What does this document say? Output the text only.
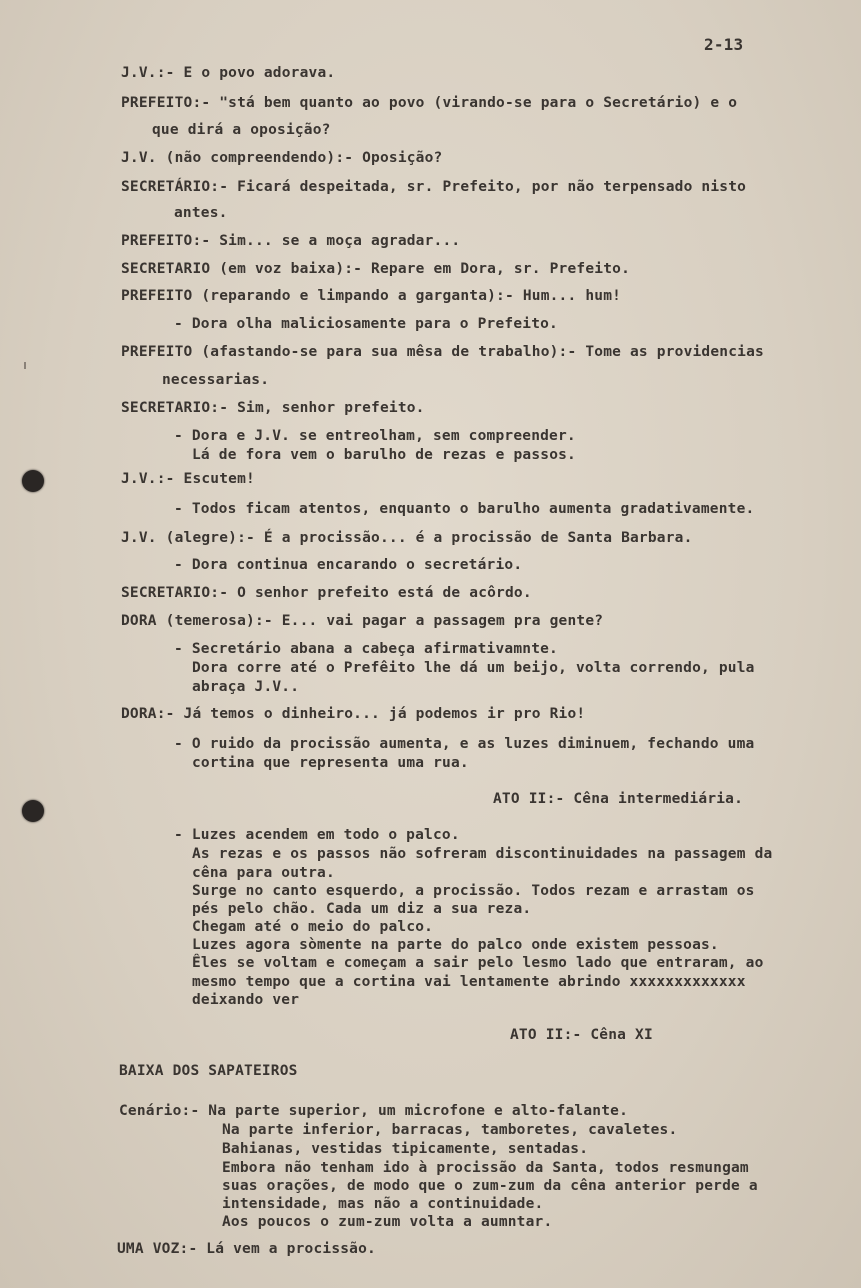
2-13
J.V.:- E o povo adorava.
PREFEITO:- "stá bem quanto ao povo (virando-se para o Secretário) e o
que dirá a oposição?
J.V. (não compreendendo):- Oposição?
SECRETÁRIO:- Ficará despeitada, sr. Prefeito, por não terpensado nisto
antes.
PREFEITO:- Sim... se a moça agradar...
SECRETARIO (em voz baixa):- Repare em Dora, sr. Prefeito.
PREFEITO (reparando e limpando a garganta):- Hum... hum!
- Dora olha maliciosamente para o Prefeito.
PREFEITO (afastando-se para sua mêsa de trabalho):- Tome as providencias
necessarias.
SECRETARIO:- Sim, senhor prefeito.
- Dora e J.V. se entreolham, sem compreender.
Lá de fora vem o barulho de rezas e passos.
J.V.:- Escutem!
- Todos ficam atentos, enquanto o barulho aumenta gradativamente.
J.V. (alegre):- É a procissão... é a procissão de Santa Barbara.
- Dora continua encarando o secretário.
SECRETARIO:- O senhor prefeito está de acôrdo.
DORA (temerosa):- E... vai pagar a passagem pra gente?
- Secretário abana a cabeça afirmativamnte.
Dora corre até o Prefêito lhe dá um beijo, volta correndo, pula
abraça J.V..
DORA:- Já temos o dinheiro... já podemos ir pro Rio!
- O ruido da procissão aumenta, e as luzes diminuem, fechando uma
cortina que representa uma rua.
ATO II:- Cêna intermediária.
- Luzes acendem em todo o palco.
As rezas e os passos não sofreram discontinuidades na passagem da
cêna para outra.
Surge no canto esquerdo, a procissão. Todos rezam e arrastam os
pés pelo chão. Cada um diz a sua reza.
Chegam até o meio do palco.
Luzes agora sòmente na parte do palco onde existem pessoas.
Êles se voltam e começam a sair pelo lesmo lado que entraram, ao
mesmo tempo que a cortina vai lentamente abrindo xxxxxxxxxxxxx
deixando ver
ATO II:- Cêna XI
BAIXA DOS SAPATEIROS
Cenário:- Na parte superior, um microfone e alto-falante.
Na parte inferior, barracas, tamboretes, cavaletes.
Bahianas, vestidas tipicamente, sentadas.
Embora não tenham ido à procissão da Santa, todos resmungam
suas orações, de modo que o zum-zum da cêna anterior perde a
intensidade, mas não a continuidade.
Aos poucos o zum-zum volta a aumntar.
UMA VOZ:- Lá vem a procissão.
